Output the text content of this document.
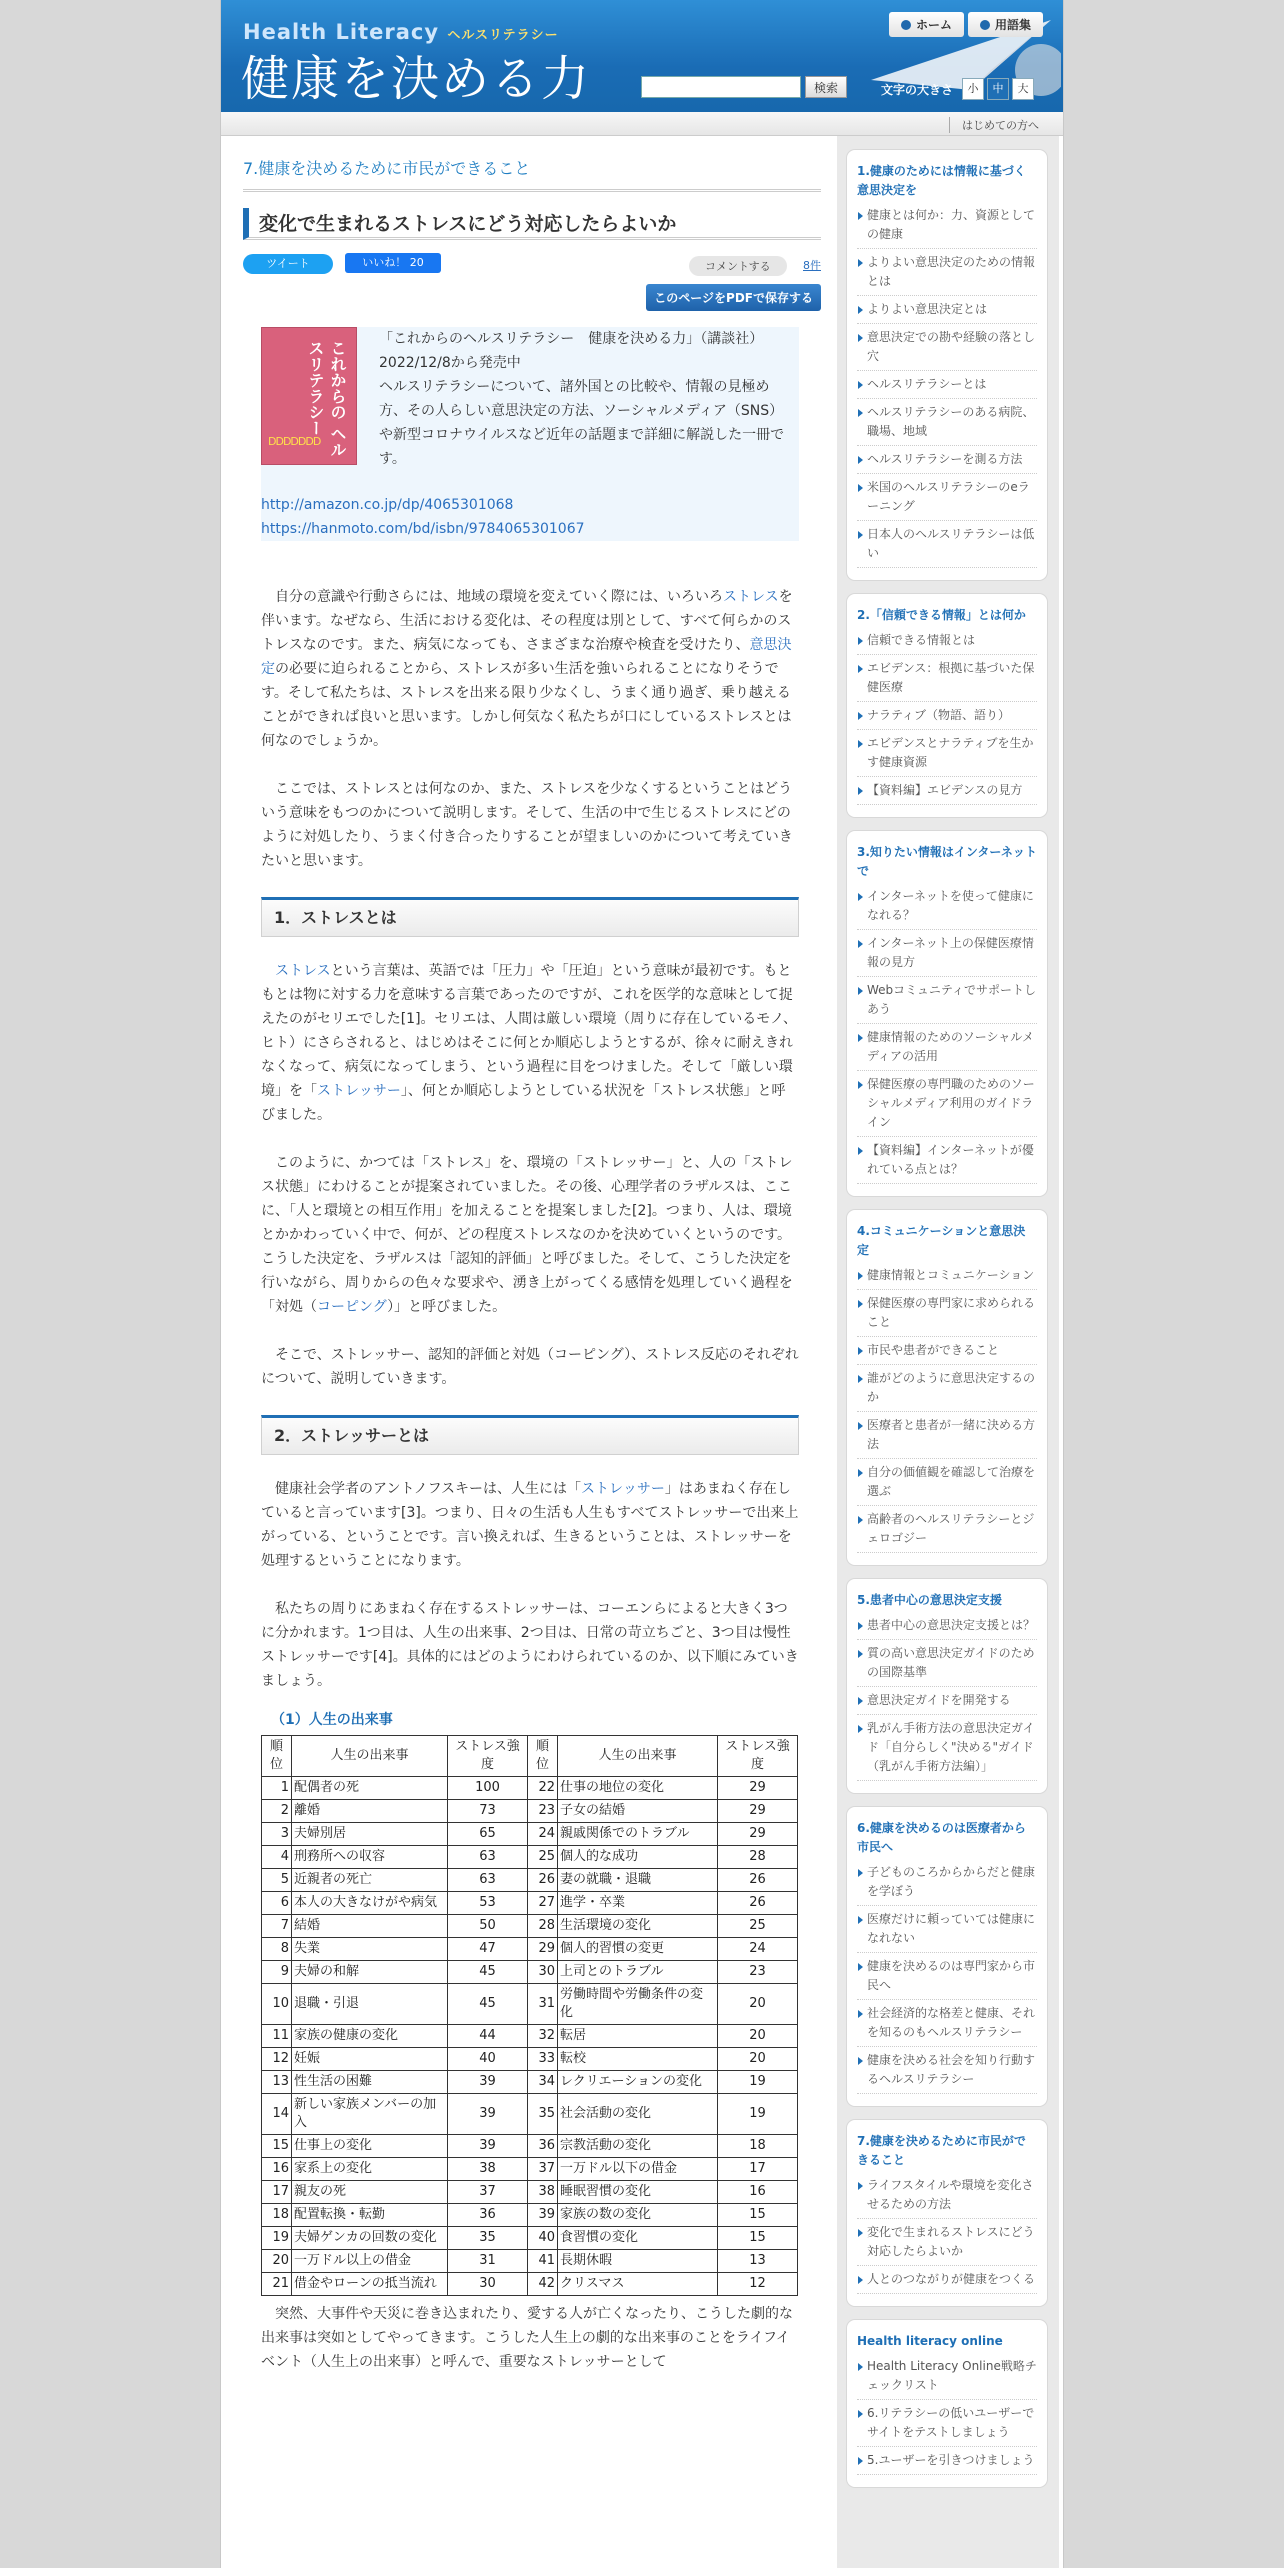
Health Literacy ヘルスリテラシー
健康を決める力
ホーム	用語集
検索	文字の大きさ	小	中	大
はじめての方へ
7.健康を決めるために市民ができること
変化で生まれるストレスにどう対応したらよいか
ツイート	いいね！ 20	コメントする	8件
このページをPDFで保存する
これからの ヘルスリテラシー
DDDDDDD
「これからのヘルスリテラシー　健康を決める力」（講談社）
2022/12/8から発売中
ヘルスリテラシーについて、諸外国との比較や、情報の見極め方、その人らしい意思決定の方法、ソーシャルメディア（SNS）や新型コロナウイルスなど近年の話題まで詳細に解説した一冊です。
http://amazon.co.jp/dp/4065301068
https://hanmoto.com/bd/isbn/9784065301067

自分の意識や行動さらには、地域の環境を変えていく際には、いろいろストレスを伴います。なぜなら、生活における変化は、その程度は別として、すべて何らかのストレスなのです。また、病気になっても、さまざまな治療や検査を受けたり、意思決定の必要に迫られることから、ストレスが多い生活を強いられることになりそうです。そして私たちは、ストレスを出来る限り少なくし、うまく通り過ぎ、乗り越えることができれば良いと思います。しかし何気なく私たちが口にしているストレスとは何なのでしょうか。

ここでは、ストレスとは何なのか、また、ストレスを少なくするということはどういう意味をもつのかについて説明します。そして、生活の中で生じるストレスにどのように対処したり、うまく付き合ったりすることが望ましいのかについて考えていきたいと思います。

1．ストレスとは

ストレスという言葉は、英語では「圧力」や「圧迫」という意味が最初です。もともとは物に対する力を意味する言葉であったのですが、これを医学的な意味として捉えたのがセリエでした[1]。セリエは、人間は厳しい環境（周りに存在しているモノ、ヒト）にさらされると、はじめはそこに何とか順応しようとするが、徐々に耐えきれなくなって、病気になってしまう、という過程に目をつけました。そして「厳しい環境」を「ストレッサー」、何とか順応しようとしている状況を「ストレス状態」と呼びました。

このように、かつては「ストレス」を、環境の「ストレッサー」と、人の「ストレス状態」にわけることが提案されていました。その後、心理学者のラザルスは、ここに、「人と環境との相互作用」を加えることを提案しました[2]。つまり、人は、環境とかかわっていく中で、何が、どの程度ストレスなのかを決めていくというのです。こうした決定を、ラザルスは「認知的評価」と呼びました。そして、こうした決定を行いながら、周りからの色々な要求や、湧き上がってくる感情を処理していく過程を「対処（コーピング）」と呼びました。

そこで、ストレッサー、認知的評価と対処（コーピング）、ストレス反応のそれぞれについて、説明していきます。

2．ストレッサーとは

健康社会学者のアントノフスキーは、人生には「ストレッサー」はあまねく存在していると言っています[3]。つまり、日々の生活も人生もすべてストレッサーで出来上がっている、ということです。言い換えれば、生きるということは、ストレッサーを処理するということになります。

私たちの周りにあまねく存在するストレッサーは、コーエンらによると大きく3つに分かれます。1つ目は、人生の出来事、2つ目は、日常の苛立ちごと、3つ目は慢性ストレッサーです[4]。具体的にはどのようにわけられているのか、以下順にみていきましょう。

（1）人生の出来事
順位	人生の出来事	ストレス強度	順位	人生の出来事	ストレス強度
1	配偶者の死	100	22	仕事の地位の変化	29
2	離婚	73	23	子女の結婚	29
3	夫婦別居	65	24	親戚関係でのトラブル	29
4	刑務所への収容	63	25	個人的な成功	28
5	近親者の死亡	63	26	妻の就職・退職	26
6	本人の大きなけがや病気	53	27	進学・卒業	26
7	結婚	50	28	生活環境の変化	25
8	失業	47	29	個人的習慣の変更	24
9	夫婦の和解	45	30	上司とのトラブル	23
10	退職・引退	45	31	労働時間や労働条件の変化	20
11	家族の健康の変化	44	32	転居	20
12	妊娠	40	33	転校	20
13	性生活の困難	39	34	レクリエーションの変化	19
14	新しい家族メンバーの加入	39	35	社会活動の変化	19
15	仕事上の変化	39	36	宗教活動の変化	18
16	家系上の変化	38	37	一万ドル以下の借金	17
17	親友の死	37	38	睡眠習慣の変化	16
18	配置転換・転勤	36	39	家族の数の変化	15
19	夫婦ゲンカの回数の変化	35	40	食習慣の変化	15
20	一万ドル以上の借金	31	41	長期休暇	13
21	借金やローンの抵当流れ	30	42	クリスマス	12

突然、大事件や天災に巻き込まれたり、愛する人が亡くなったり、こうした劇的な出来事は突如としてやってきます。こうした人生上の劇的な出来事のことをライフイベント（人生上の出来事）と呼んで、重要なストレッサーとして

1.健康のためには情報に基づく意思決定を
健康とは何か：力、資源としての健康
よりよい意思決定のための情報とは
よりよい意思決定とは
意思決定での勘や経験の落とし穴
ヘルスリテラシーとは
ヘルスリテラシーのある病院、職場、地域
ヘルスリテラシーを測る方法
米国のヘルスリテラシーのeラーニング
日本人のヘルスリテラシーは低い
2.「信頼できる情報」とは何か
信頼できる情報とは
エビデンス：根拠に基づいた保健医療
ナラティブ（物語、語り）
エビデンスとナラティブを生かす健康資源
【資料編】エビデンスの見方
3.知りたい情報はインターネットで
インターネットを使って健康になれる？
インターネット上の保健医療情報の見方
Webコミュニティでサポートしあう
健康情報のためのソーシャルメディアの活用
保健医療の専門職のためのソーシャルメディア利用のガイドライン
【資料編】インターネットが優れている点とは？
4.コミュニケーションと意思決定
健康情報とコミュニケーション
保健医療の専門家に求められること
市民や患者ができること
誰がどのように意思決定するのか
医療者と患者が一緒に決める方法
自分の価値観を確認して治療を選ぶ
高齢者のヘルスリテラシーとジェロゴジー
5.患者中心の意思決定支援
患者中心の意思決定支援とは？
質の高い意思決定ガイドのための国際基準
意思決定ガイドを開発する
乳がん手術方法の意思決定ガイド「自分らしく"決める"ガイド（乳がん手術方法編）」
6.健康を決めるのは医療者から市民へ
子どものころからからだと健康を学ぼう
医療だけに頼っていては健康になれない
健康を決めるのは専門家から市民へ
社会経済的な格差と健康、それを知るのもヘルスリテラシー
健康を決める社会を知り行動するヘルスリテラシー
7.健康を決めるために市民ができること
ライフスタイルや環境を変化させるための方法
変化で生まれるストレスにどう対応したらよいか
人とのつながりが健康をつくる
Health literacy online
Health Literacy Online戦略チェックリスト
6.リテラシーの低いユーザーでサイトをテストしましょう
5.ユーザーを引きつけましょう
